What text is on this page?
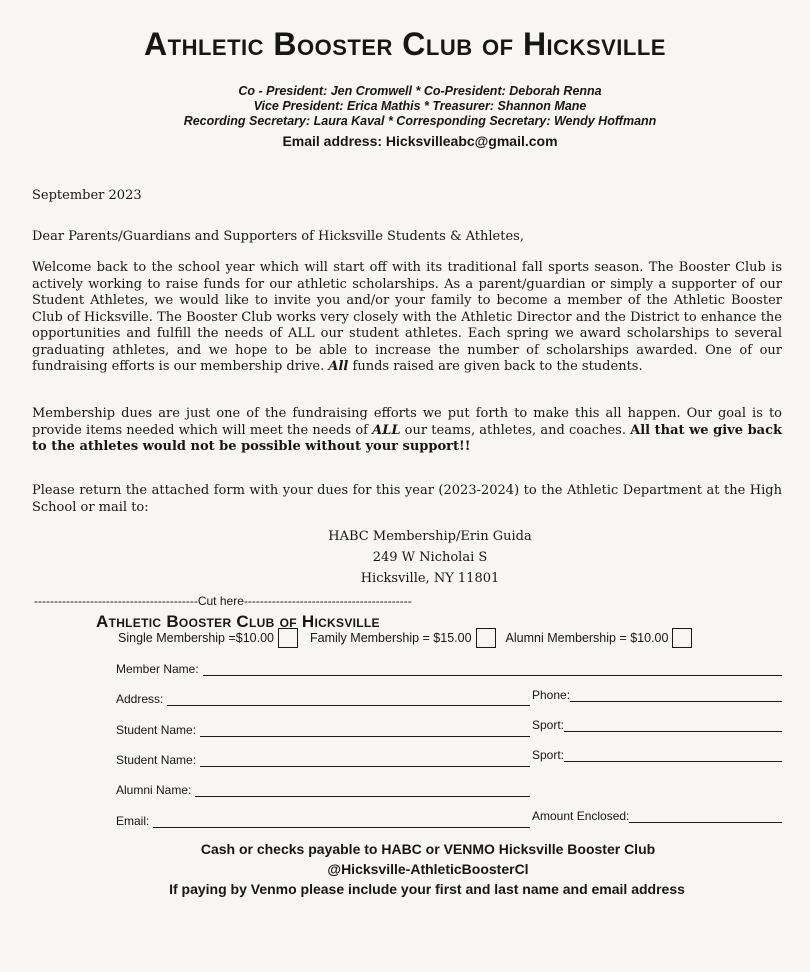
Athletic Booster Club of Hicksville
Co - President: Jen Cromwell * Co-President: Deborah Renna
Vice President: Erica Mathis * Treasurer: Shannon Mane
Recording Secretary: Laura Kaval * Corresponding Secretary: Wendy Hoffmann
Email address: Hicksvilleabc@gmail.com
September 2023
Dear Parents/Guardians and Supporters of Hicksville Students & Athletes,
Welcome back to the school year which will start off with its traditional fall sports season. The Booster Club is actively working to raise funds for our athletic scholarships. As a parent/guardian or simply a supporter of our Student Athletes, we would like to invite you and/or your family to become a member of the Athletic Booster Club of Hicksville. The Booster Club works very closely with the Athletic Director and the District to enhance the opportunities and fulfill the needs of ALL our student athletes. Each spring we award scholarships to several graduating athletes, and we hope to be able to increase the number of scholarships awarded. One of our fundraising efforts is our membership drive. All funds raised are given back to the students.
Membership dues are just one of the fundraising efforts we put forth to make this all happen. Our goal is to provide items needed which will meet the needs of ALL our teams, athletes, and coaches. All that we give back to the athletes would not be possible without your support!!
Please return the attached form with your dues for this year (2023-2024) to the Athletic Department at the High School or mail to:
HABC Membership/Erin Guida
249 W Nicholai S
Hicksville, NY 11801
-----------------------------------------Cut here------------------------------------------
Athletic Booster Club of Hicksville
Single Membership =$10.00	Family Membership = $15.00	Alumni Membership = $10.00
Member Name:
Address:	Phone:
Student Name:	Sport:
Student Name:	Sport:
Alumni Name:
Email:	Amount Enclosed:
Cash or checks payable to HABC or VENMO Hicksville Booster Club
@Hicksville-AthleticBoosterCl
If paying by Venmo please include your first and last name and email address
